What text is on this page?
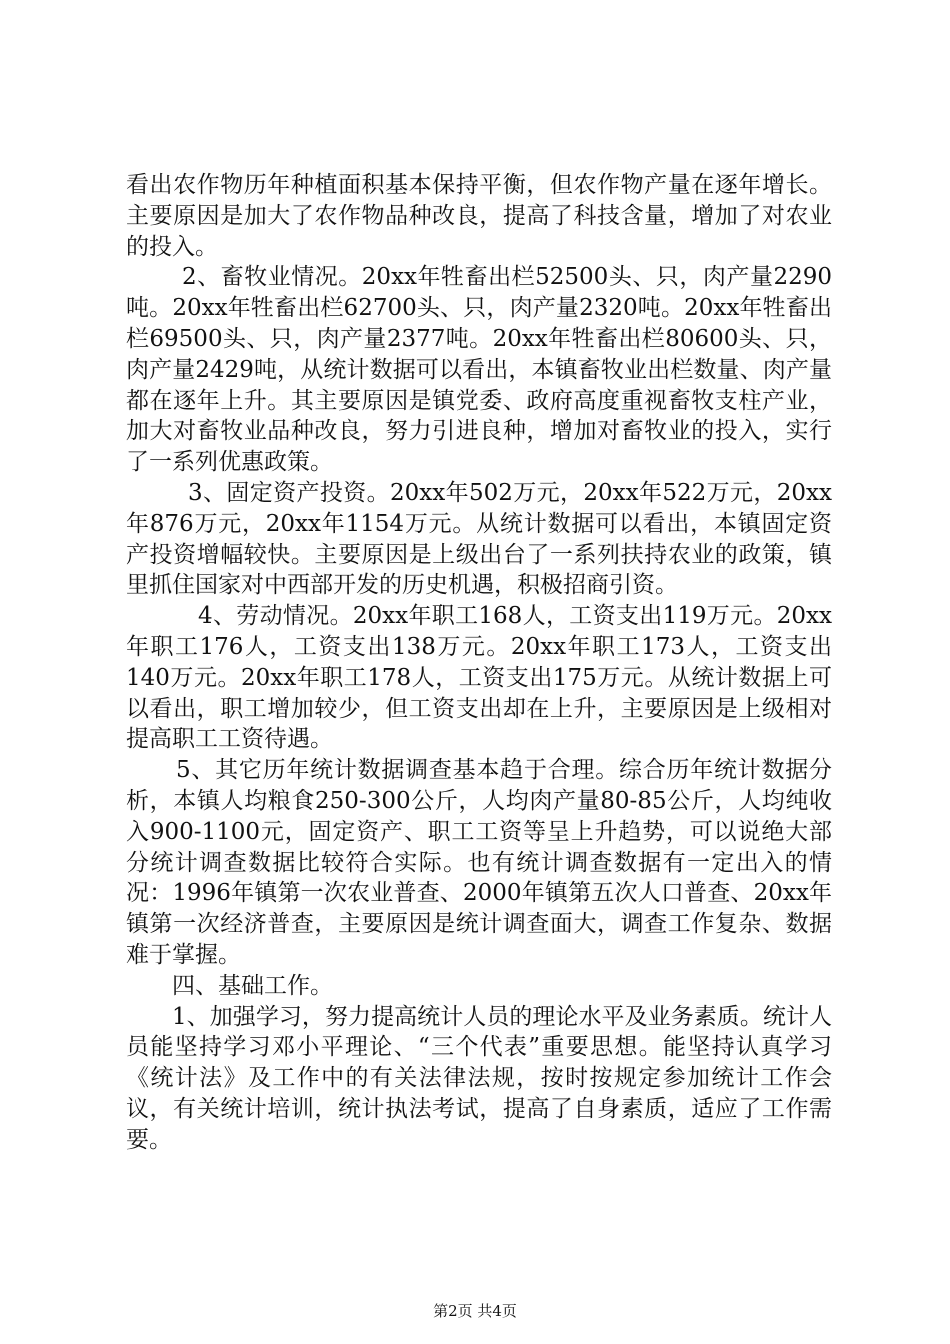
看出农作物历年种植面积基本保持平衡，但农作物产量在逐年增长。主要原因是加大了农作物品种改良，提高了科技含量，增加了对农业的投入。

2、畜牧业情况。20xx年牲畜出栏52500头、只，肉产量2290吨。20xx年牲畜出栏62700头、只，肉产量2320吨。20xx年牲畜出栏69500头、只，肉产量2377吨。20xx年牲畜出栏80600头、只，肉产量2429吨，从统计数据可以看出，本镇畜牧业出栏数量、肉产量都在逐年上升。其主要原因是镇党委、政府高度重视畜牧支柱产业，加大对畜牧业品种改良，努力引进良种，增加对畜牧业的投入，实行了一系列优惠政策。

3、固定资产投资。20xx年502万元，20xx年522万元，20xx年876万元，20xx年1154万元。从统计数据可以看出，本镇固定资产投资增幅较快。主要原因是上级出台了一系列扶持农业的政策，镇里抓住国家对中西部开发的历史机遇，积极招商引资。

4、劳动情况。20xx年职工168人，工资支出119万元。20xx年职工176人，工资支出138万元。20xx年职工173人，工资支出140万元。20xx年职工178人，工资支出175万元。从统计数据上可以看出，职工增加较少，但工资支出却在上升，主要原因是上级相对提高职工工资待遇。

5、其它历年统计数据调查基本趋于合理。综合历年统计数据分析，本镇人均粮食250-300公斤，人均肉产量80-85公斤，人均纯收入900-1100元，固定资产、职工工资等呈上升趋势，可以说绝大部分统计调查数据比较符合实际。也有统计调查数据有一定出入的情况：1996年镇第一次农业普查、2000年镇第五次人口普查、20xx年镇第一次经济普查，主要原因是统计调查面大，调查工作复杂、数据难于掌握。

四、基础工作。

1、加强学习，努力提高统计人员的理论水平及业务素质。统计人员能坚持学习邓小平理论、“三个代表”重要思想。能坚持认真学习《统计法》及工作中的有关法律法规，按时按规定参加统计工作会议，有关统计培训，统计执法考试，提高了自身素质，适应了工作需要。

第2页 共4页
